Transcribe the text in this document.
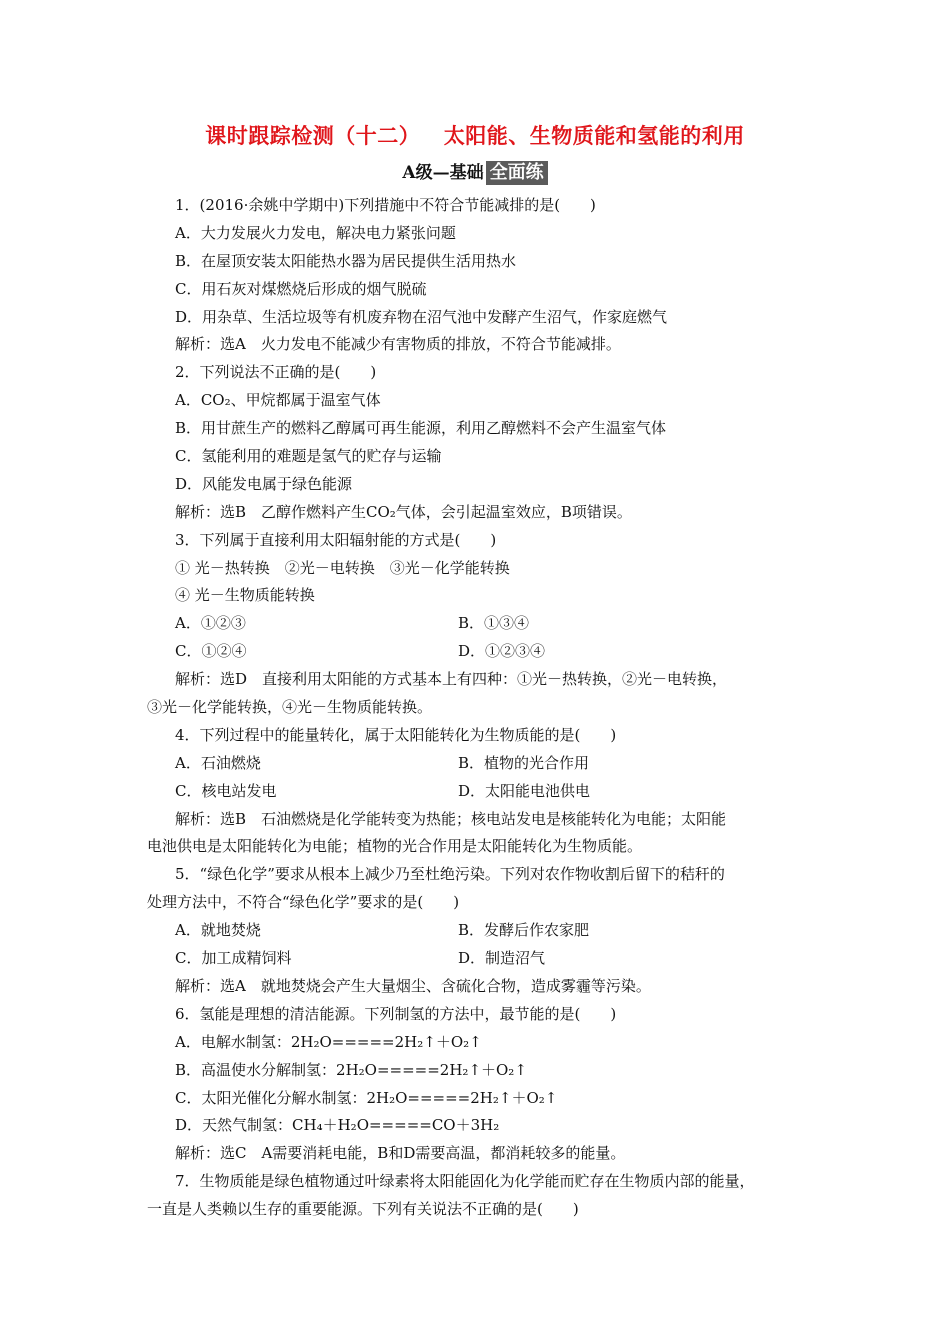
课时跟踪检测（十二）   太阳能、生物质能和氢能的利用
A级—基础 全面练
1．(2016·余姚中学期中)下列措施中不符合节能减排的是(　　)
A．大力发展火力发电，解决电力紧张问题
B．在屋顶安装太阳能热水器为居民提供生活用热水
C．用石灰对煤燃烧后形成的烟气脱硫
D．用杂草、生活垃圾等有机废弃物在沼气池中发酵产生沼气，作家庭燃气
解析：选A　火力发电不能减少有害物质的排放，不符合节能减排。
2．下列说法不正确的是(　　)
A．CO₂、甲烷都属于温室气体
B．用甘蔗生产的燃料乙醇属可再生能源，利用乙醇燃料不会产生温室气体
C．氢能利用的难题是氢气的贮存与运输
D．风能发电属于绿色能源
解析：选B　乙醇作燃料产生CO₂气体，会引起温室效应，B项错误。
3．下列属于直接利用太阳辐射能的方式是(　　)
① 光－热转换　②光－电转换　③光－化学能转换
④ 光－生物质能转换
A．①②③	B．①③④
C．①②④	D．①②③④
解析：选D　直接利用太阳能的方式基本上有四种：①光－热转换，②光－电转换，
③光－化学能转换，④光－生物质能转换。
4．下列过程中的能量转化，属于太阳能转化为生物质能的是(　　)
A．石油燃烧	B．植物的光合作用
C．核电站发电	D．太阳能电池供电
解析：选B　石油燃烧是化学能转变为热能；核电站发电是核能转化为电能；太阳能
电池供电是太阳能转化为电能；植物的光合作用是太阳能转化为生物质能。
5．“绿色化学”要求从根本上减少乃至杜绝污染。下列对农作物收割后留下的秸秆的
处理方法中，不符合“绿色化学”要求的是(　　)
A．就地焚烧	B．发酵后作农家肥
C．加工成精饲料	D．制造沼气
解析：选A　就地焚烧会产生大量烟尘、含硫化合物，造成雾霾等污染。
6．氢能是理想的清洁能源。下列制氢的方法中，最节能的是(　　)
A．电解水制氢：2H₂O=====2H₂↑＋O₂↑
B．高温使水分解制氢：2H₂O=====2H₂↑＋O₂↑
C．太阳光催化分解水制氢：2H₂O=====2H₂↑＋O₂↑
D．天然气制氢：CH₄＋H₂O=====CO＋3H₂
解析：选C　A需要消耗电能，B和D需要高温，都消耗较多的能量。
7．生物质能是绿色植物通过叶绿素将太阳能固化为化学能而贮存在生物质内部的能量，
一直是人类赖以生存的重要能源。下列有关说法不正确的是(　　)
